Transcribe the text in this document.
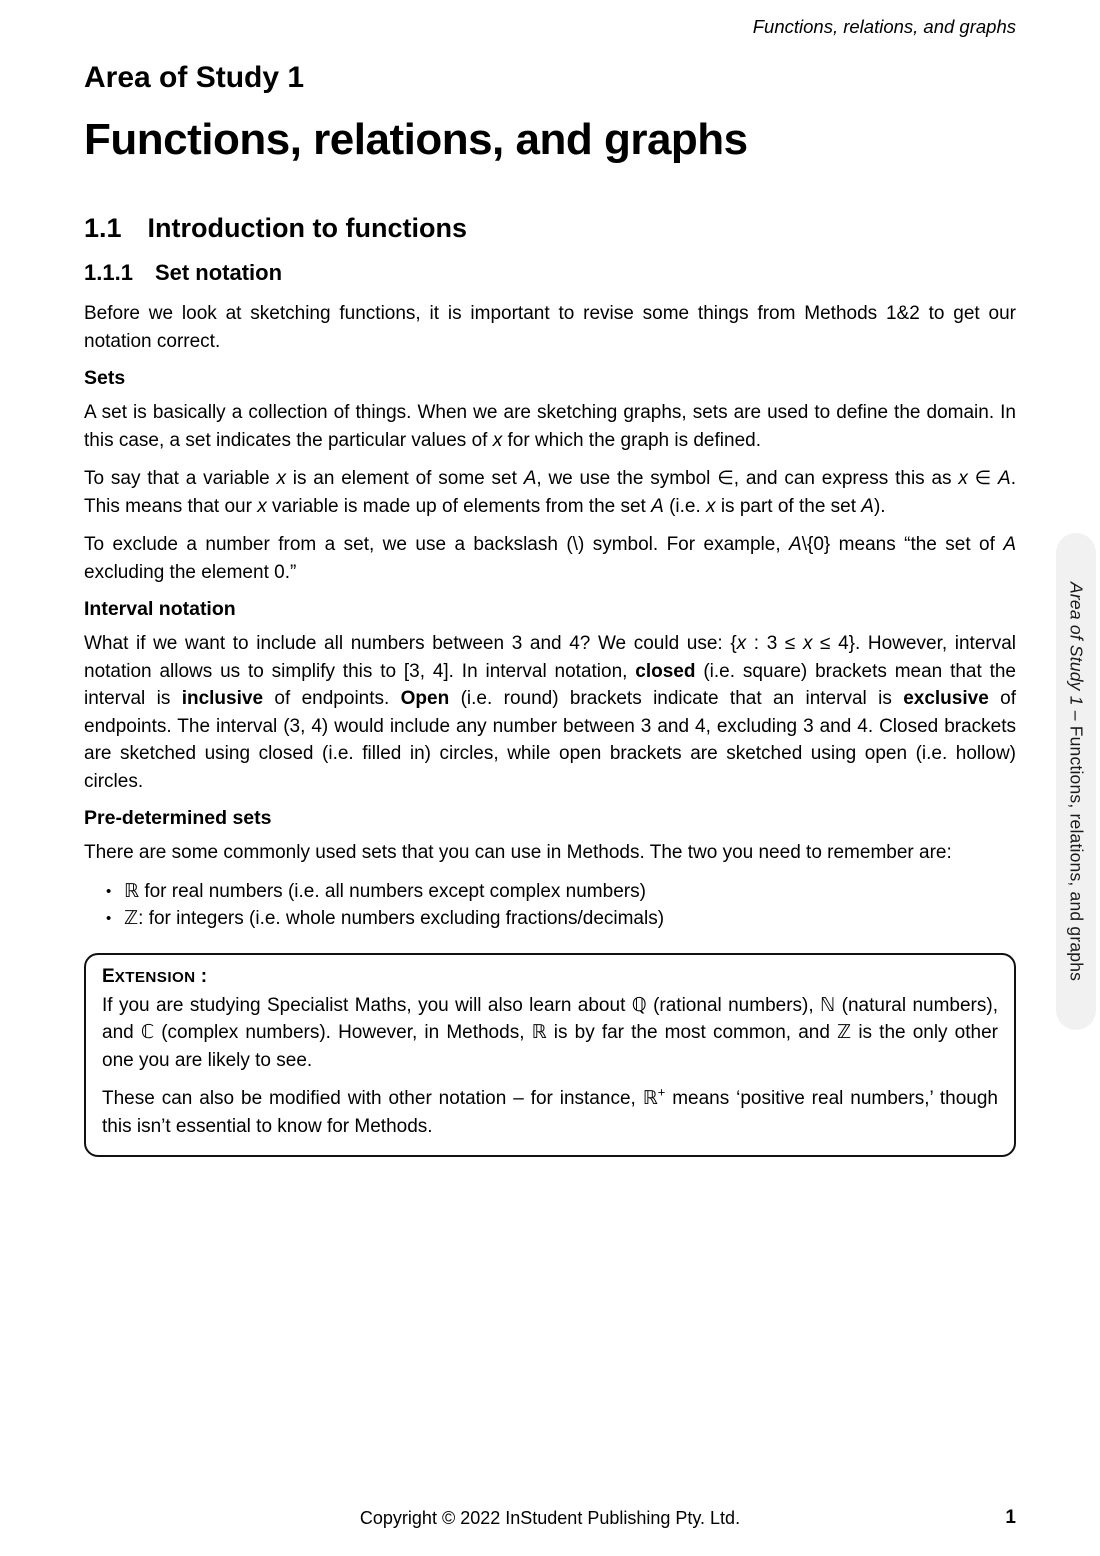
Functions, relations, and graphs
Area of Study 1
Functions, relations, and graphs
1.1 Introduction to functions
1.1.1 Set notation

Before we look at sketching functions, it is important to revise some things from Methods 1&2 to get our notation correct.

Sets

A set is basically a collection of things. When we are sketching graphs, sets are used to define the domain. In this case, a set indicates the particular values of x for which the graph is defined.

To say that a variable x is an element of some set A, we use the symbol ∈, and can express this as x ∈ A. This means that our x variable is made up of elements from the set A (i.e. x is part of the set A).

To exclude a number from a set, we use a backslash (\) symbol. For example, A\{0} means “the set of A excluding the element 0.”

Interval notation

What if we want to include all numbers between 3 and 4? We could use: {x : 3 ≤ x ≤ 4}. However, interval notation allows us to simplify this to [3, 4]. In interval notation, closed (i.e. square) brackets mean that the interval is inclusive of endpoints. Open (i.e. round) brackets indicate that an interval is exclusive of endpoints. The interval (3, 4) would include any number between 3 and 4, excluding 3 and 4. Closed brackets are sketched using closed (i.e. filled in) circles, while open brackets are sketched using open (i.e. hollow) circles.

Pre-determined sets

There are some commonly used sets that you can use in Methods. The two you need to remember are:

• ℝ for real numbers (i.e. all numbers except complex numbers)
• ℤ: for integers (i.e. whole numbers excluding fractions/decimals)
EXTENSION :

If you are studying Specialist Maths, you will also learn about ℚ (rational numbers), ℕ (natural numbers), and ℂ (complex numbers). However, in Methods, ℝ is by far the most common, and ℤ is the only other one you are likely to see.

These can also be modified with other notation – for instance, ℝ+ means ‘positive real numbers,’ though this isn’t essential to know for Methods.

Area of Study 1 – Functions, relations, and graphs
Copyright © 2022 InStudent Publishing Pty. Ltd.	1
